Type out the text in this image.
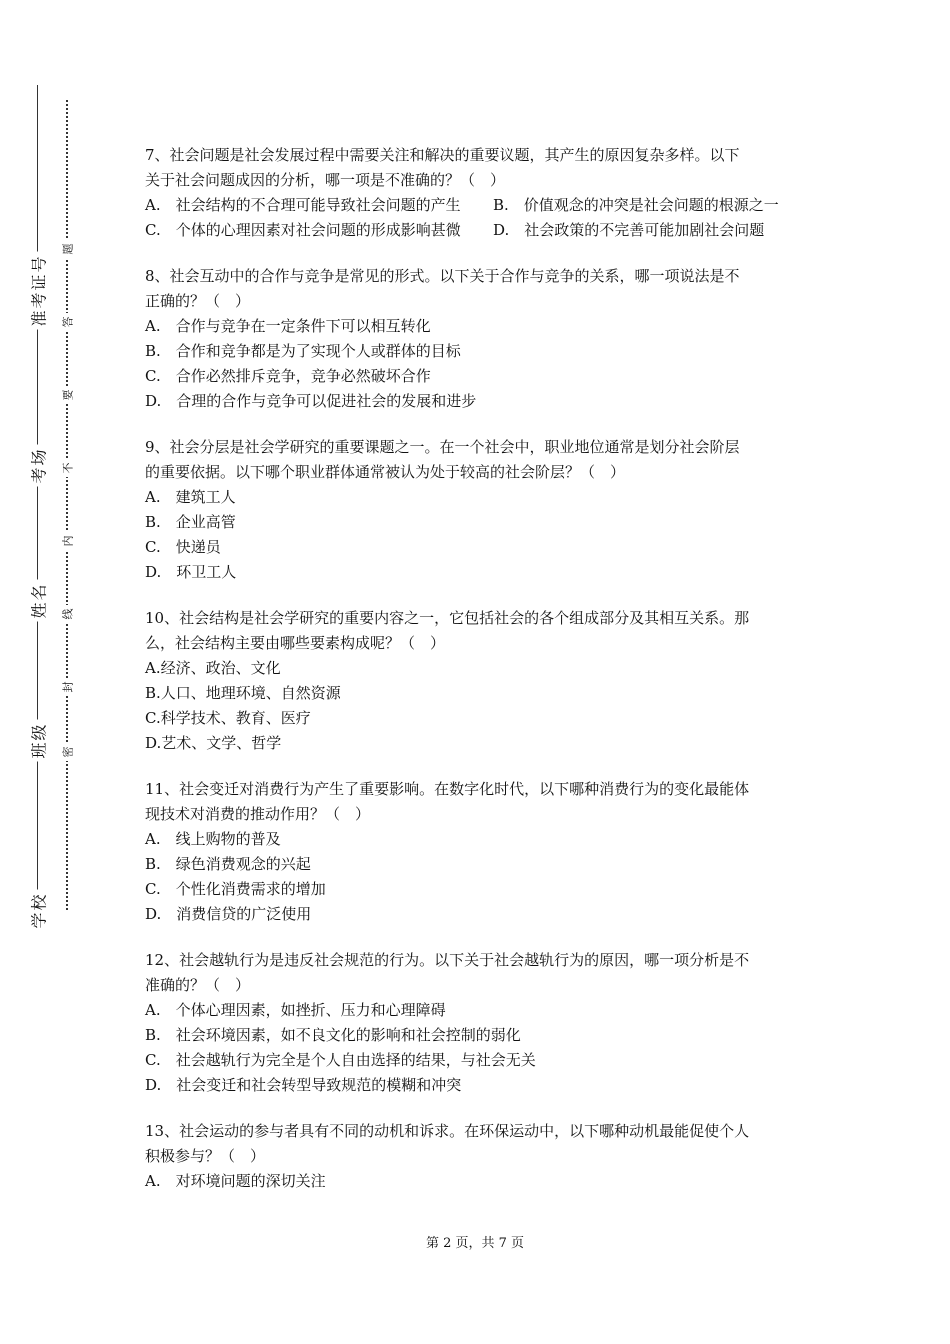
准考证号
考场
姓名
班级
学校
题
答
要
不
内
线
封
密
7、社会问题是社会发展过程中需要关注和解决的重要议题，其产生的原因复杂多样。以下
关于社会问题成因的分析，哪一项是不准确的？（　）
A.　社会结构的不合理可能导致社会问题的产生	B.　价值观念的冲突是社会问题的根源之一
C.　个体的心理因素对社会问题的形成影响甚微	D.　社会政策的不完善可能加剧社会问题
8、社会互动中的合作与竞争是常见的形式。以下关于合作与竞争的关系，哪一项说法是不
正确的？（　）
A.　合作与竞争在一定条件下可以相互转化
B.　合作和竞争都是为了实现个人或群体的目标
C.　合作必然排斥竞争，竞争必然破坏合作
D.　合理的合作与竞争可以促进社会的发展和进步
9、社会分层是社会学研究的重要课题之一。在一个社会中，职业地位通常是划分社会阶层
的重要依据。以下哪个职业群体通常被认为处于较高的社会阶层？（　）
A.　建筑工人
B.　企业高管
C.　快递员
D.　环卫工人
10、社会结构是社会学研究的重要内容之一，它包括社会的各个组成部分及其相互关系。那
么，社会结构主要由哪些要素构成呢？（　）
A.经济、政治、文化
B.人口、地理环境、自然资源
C.科学技术、教育、医疗
D.艺术、文学、哲学
11、社会变迁对消费行为产生了重要影响。在数字化时代，以下哪种消费行为的变化最能体
现技术对消费的推动作用？（　）
A.　线上购物的普及
B.　绿色消费观念的兴起
C.　个性化消费需求的增加
D.　消费信贷的广泛使用
12、社会越轨行为是违反社会规范的行为。以下关于社会越轨行为的原因，哪一项分析是不
准确的？（　）
A.　个体心理因素，如挫折、压力和心理障碍
B.　社会环境因素，如不良文化的影响和社会控制的弱化
C.　社会越轨行为完全是个人自由选择的结果，与社会无关
D.　社会变迁和社会转型导致规范的模糊和冲突
13、社会运动的参与者具有不同的动机和诉求。在环保运动中，以下哪种动机最能促使个人
积极参与？（　）
A.　对环境问题的深切关注
第 2 页，共 7 页
